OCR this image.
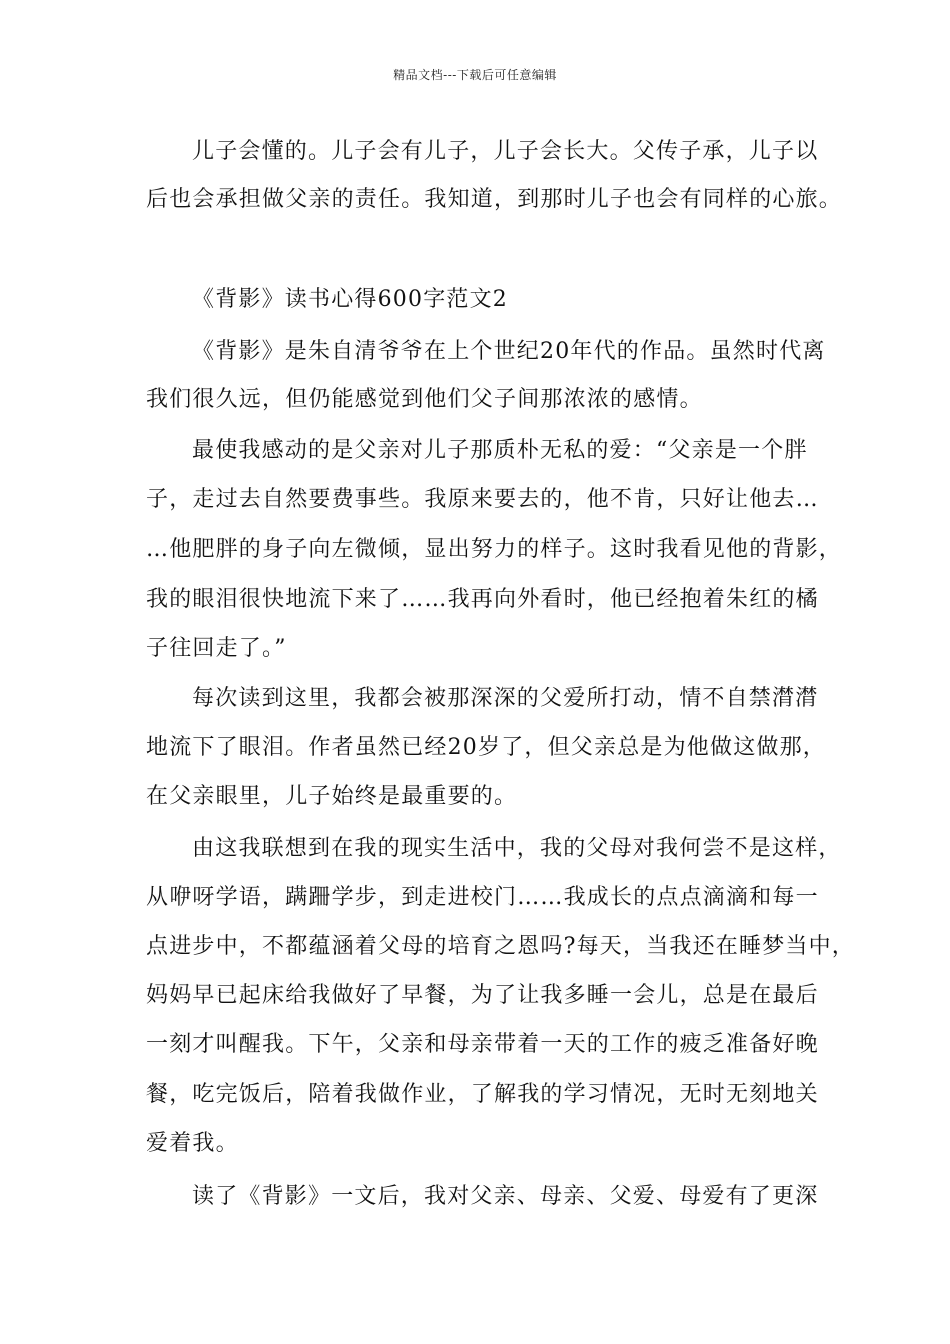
精品文档---下载后可任意编辑
儿子会懂的。儿子会有儿子，儿子会长大。父传子承，儿子以
后也会承担做父亲的责任。我知道，到那时儿子也会有同样的心旅。
《背影》读书心得600字范文2
《背影》是朱自清爷爷在上个世纪20年代的作品。虽然时代离
我们很久远，但仍能感觉到他们父子间那浓浓的感情。
最使我感动的是父亲对儿子那质朴无私的爱：“父亲是一个胖
子，走过去自然要费事些。我原来要去的，他不肯，只好让他去…
…他肥胖的身子向左微倾，显出努力的样子。这时我看见他的背影，
我的眼泪很快地流下来了……我再向外看时，他已经抱着朱红的橘
子往回走了。”
每次读到这里，我都会被那深深的父爱所打动，情不自禁潸潸
地流下了眼泪。作者虽然已经20岁了，但父亲总是为他做这做那，
在父亲眼里，儿子始终是最重要的。
由这我联想到在我的现实生活中，我的父母对我何尝不是这样，
从咿呀学语，蹒跚学步，到走进校门……我成长的点点滴滴和每一
点进步中，不都蕴涵着父母的培育之恩吗?每天，当我还在睡梦当中，
妈妈早已起床给我做好了早餐，为了让我多睡一会儿，总是在最后
一刻才叫醒我。下午，父亲和母亲带着一天的工作的疲乏准备好晚
餐，吃完饭后，陪着我做作业，了解我的学习情况，无时无刻地关
爱着我。
读了《背影》一文后，我对父亲、母亲、父爱、母爱有了更深
